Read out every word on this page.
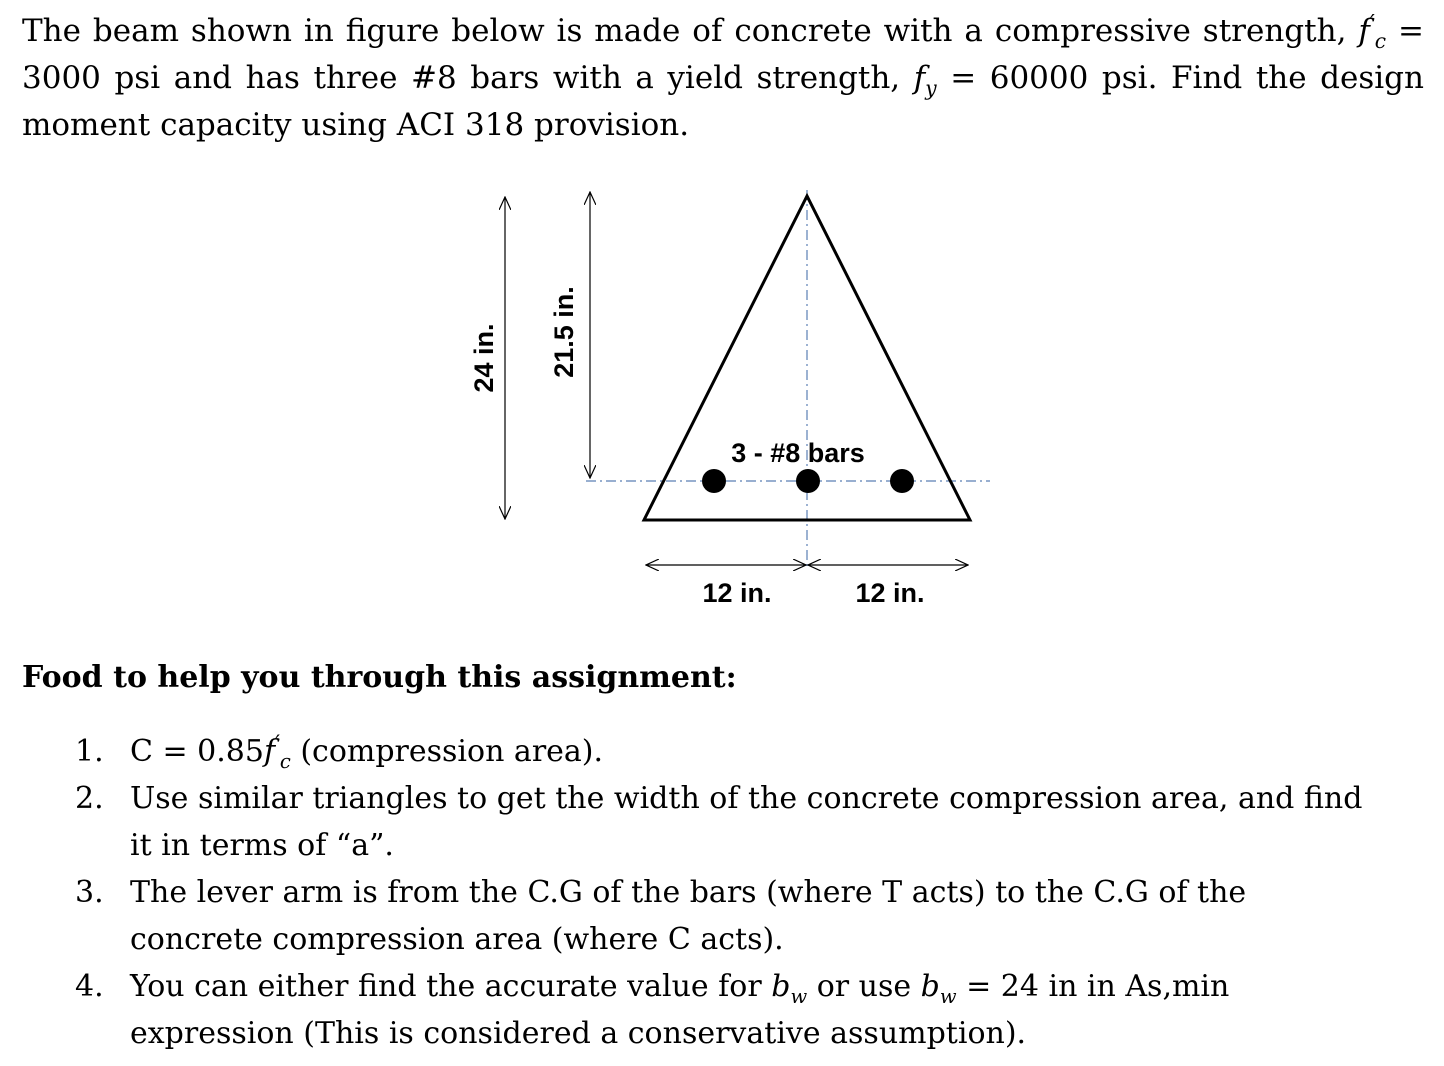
The beam shown in figure below is made of concrete with a compressive strength, $f'_c = 3000$ psi and has three #8 bars with a yield strength, $f_y = 60000$ psi. Find the design moment capacity using ACI 318 provision.
24 in. 21.5 in.
3 - #8 bars
12 in.	12 in.
Food to help you through this assignment:
1. $C = 0.85f'_c$ (compression area).
2. Use similar triangles to get the width of the concrete compression area, and find it in terms of “a”.
3. The lever arm is from the C.G of the bars (where T acts) to the C.G of the concrete compression area (where C acts).
4. You can either find the accurate value for $b_w$ or use $b_w = 24$ in in As,min expression (This is considered a conservative assumption).
